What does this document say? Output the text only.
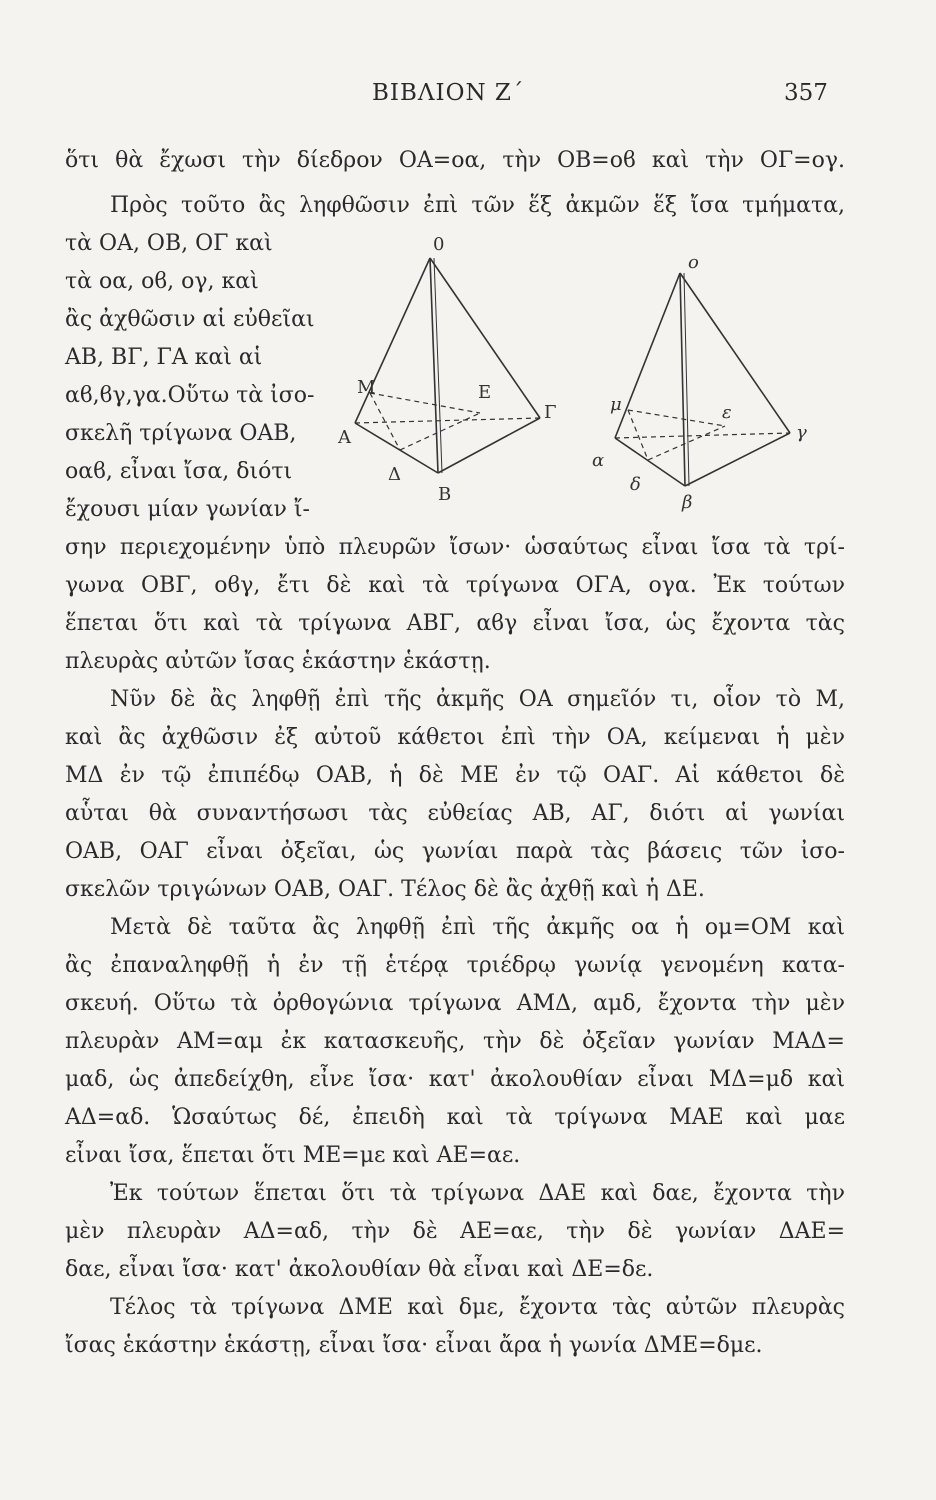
ΒΙΒΛΙΟΝ Ζ΄	357
ὅτι θὰ ἔχωσι τὴν δίεδρον ΟΑ=οα, τὴν ΟΒ=οϐ καὶ τὴν ΟΓ=ογ.
Πρὸς τοῦτο ἂς ληφθῶσιν ἐπὶ τῶν ἕξ ἀκμῶν ἕξ ἴσα τμήματα,
τὰ ΟΑ, ΟΒ, ΟΓ καὶ
τὰ οα, οϐ, ογ, καὶ
ἂς ἀχθῶσιν αἱ εὐθεῖαι
ΑΒ, ΒΓ, ΓΑ καὶ αἱ
αϐ,ϐγ,γα.Οὕτω τὰ ἰσο-
σκελῆ τρίγωνα ΟΑΒ,
οαϐ, εἶναι ἴσα, διότι
ἔχουσι μίαν γωνίαν ἴ-
σην περιεχομένην ὑπὸ πλευρῶν ἴσων· ὡσαύτως εἶναι ἴσα τὰ τρί-
γωνα ΟΒΓ, οϐγ, ἔτι δὲ καὶ τὰ τρίγωνα ΟΓΑ, ογα. Ἐκ τούτων
ἕπεται ὅτι καὶ τὰ τρίγωνα ΑΒΓ, αϐγ εἶναι ἴσα, ὡς ἔχοντα τὰς
πλευρὰς αὐτῶν ἴσας ἑκάστην ἑκάστῃ.
Νῦν δὲ ἂς ληφθῇ ἐπὶ τῆς ἀκμῆς ΟΑ σημεῖόν τι, οἷον τὸ Μ,
καὶ ἂς ἀχθῶσιν ἐξ αὐτοῦ κάθετοι ἐπὶ τὴν ΟΑ, κείμεναι ἡ μὲν
ΜΔ ἐν τῷ ἐπιπέδῳ ΟΑΒ, ἡ δὲ ΜΕ ἐν τῷ ΟΑΓ. Αἱ κάθετοι δὲ
αὗται θὰ συναντήσωσι τὰς εὐθείας ΑΒ, ΑΓ, διότι αἱ γωνίαι
ΟΑΒ, ΟΑΓ εἶναι ὀξεῖαι, ὡς γωνίαι παρὰ τὰς βάσεις τῶν ἰσο-
σκελῶν τριγώνων ΟΑΒ, ΟΑΓ. Τέλος δὲ ἂς ἀχθῇ καὶ ἡ ΔΕ.
Μετὰ δὲ ταῦτα ἂς ληφθῇ ἐπὶ τῆς ἀκμῆς οα ἡ ομ=ΟΜ καὶ
ἂς ἐπαναληφθῇ ἡ ἐν τῇ ἑτέρᾳ τριέδρῳ γωνίᾳ γενομένη κατα-
σκευή. Οὕτω τὰ ὀρθογώνια τρίγωνα ΑΜΔ, αμδ, ἔχοντα τὴν μὲν
πλευρὰν ΑΜ=αμ ἐκ κατασκευῆς, τὴν δὲ ὀξεῖαν γωνίαν ΜΑΔ=
μαδ, ὡς ἀπεδείχθη, εἶνε ἴσα· κατ' ἀκολουθίαν εἶναι ΜΔ=μδ καὶ
ΑΔ=αδ. Ὡσαύτως δέ, ἐπειδὴ καὶ τὰ τρίγωνα ΜΑΕ καὶ μαε
εἶναι ἴσα, ἕπεται ὅτι ΜΕ=με καὶ ΑΕ=αε.
Ἐκ τούτων ἕπεται ὅτι τὰ τρίγωνα ΔΑΕ καὶ δαε, ἔχοντα τὴν
μὲν πλευρὰν ΑΔ=αδ, τὴν δὲ ΑΕ=αε, τὴν δὲ γωνίαν ΔΑΕ=
δαε, εἶναι ἴσα· κατ' ἀκολουθίαν θὰ εἶναι καὶ ΔΕ=δε.
Τέλος τὰ τρίγωνα ΔΜΕ καὶ δμε, ἔχοντα τὰς αὐτῶν πλευρὰς
ἴσας ἑκάστην ἑκάστῃ, εἶναι ἴσα· εἶναι ἄρα ἡ γωνία ΔΜΕ=δμε.
0
M	E
Γ
A
Δ
B
o
μ	ε
γ
α
δ
β
